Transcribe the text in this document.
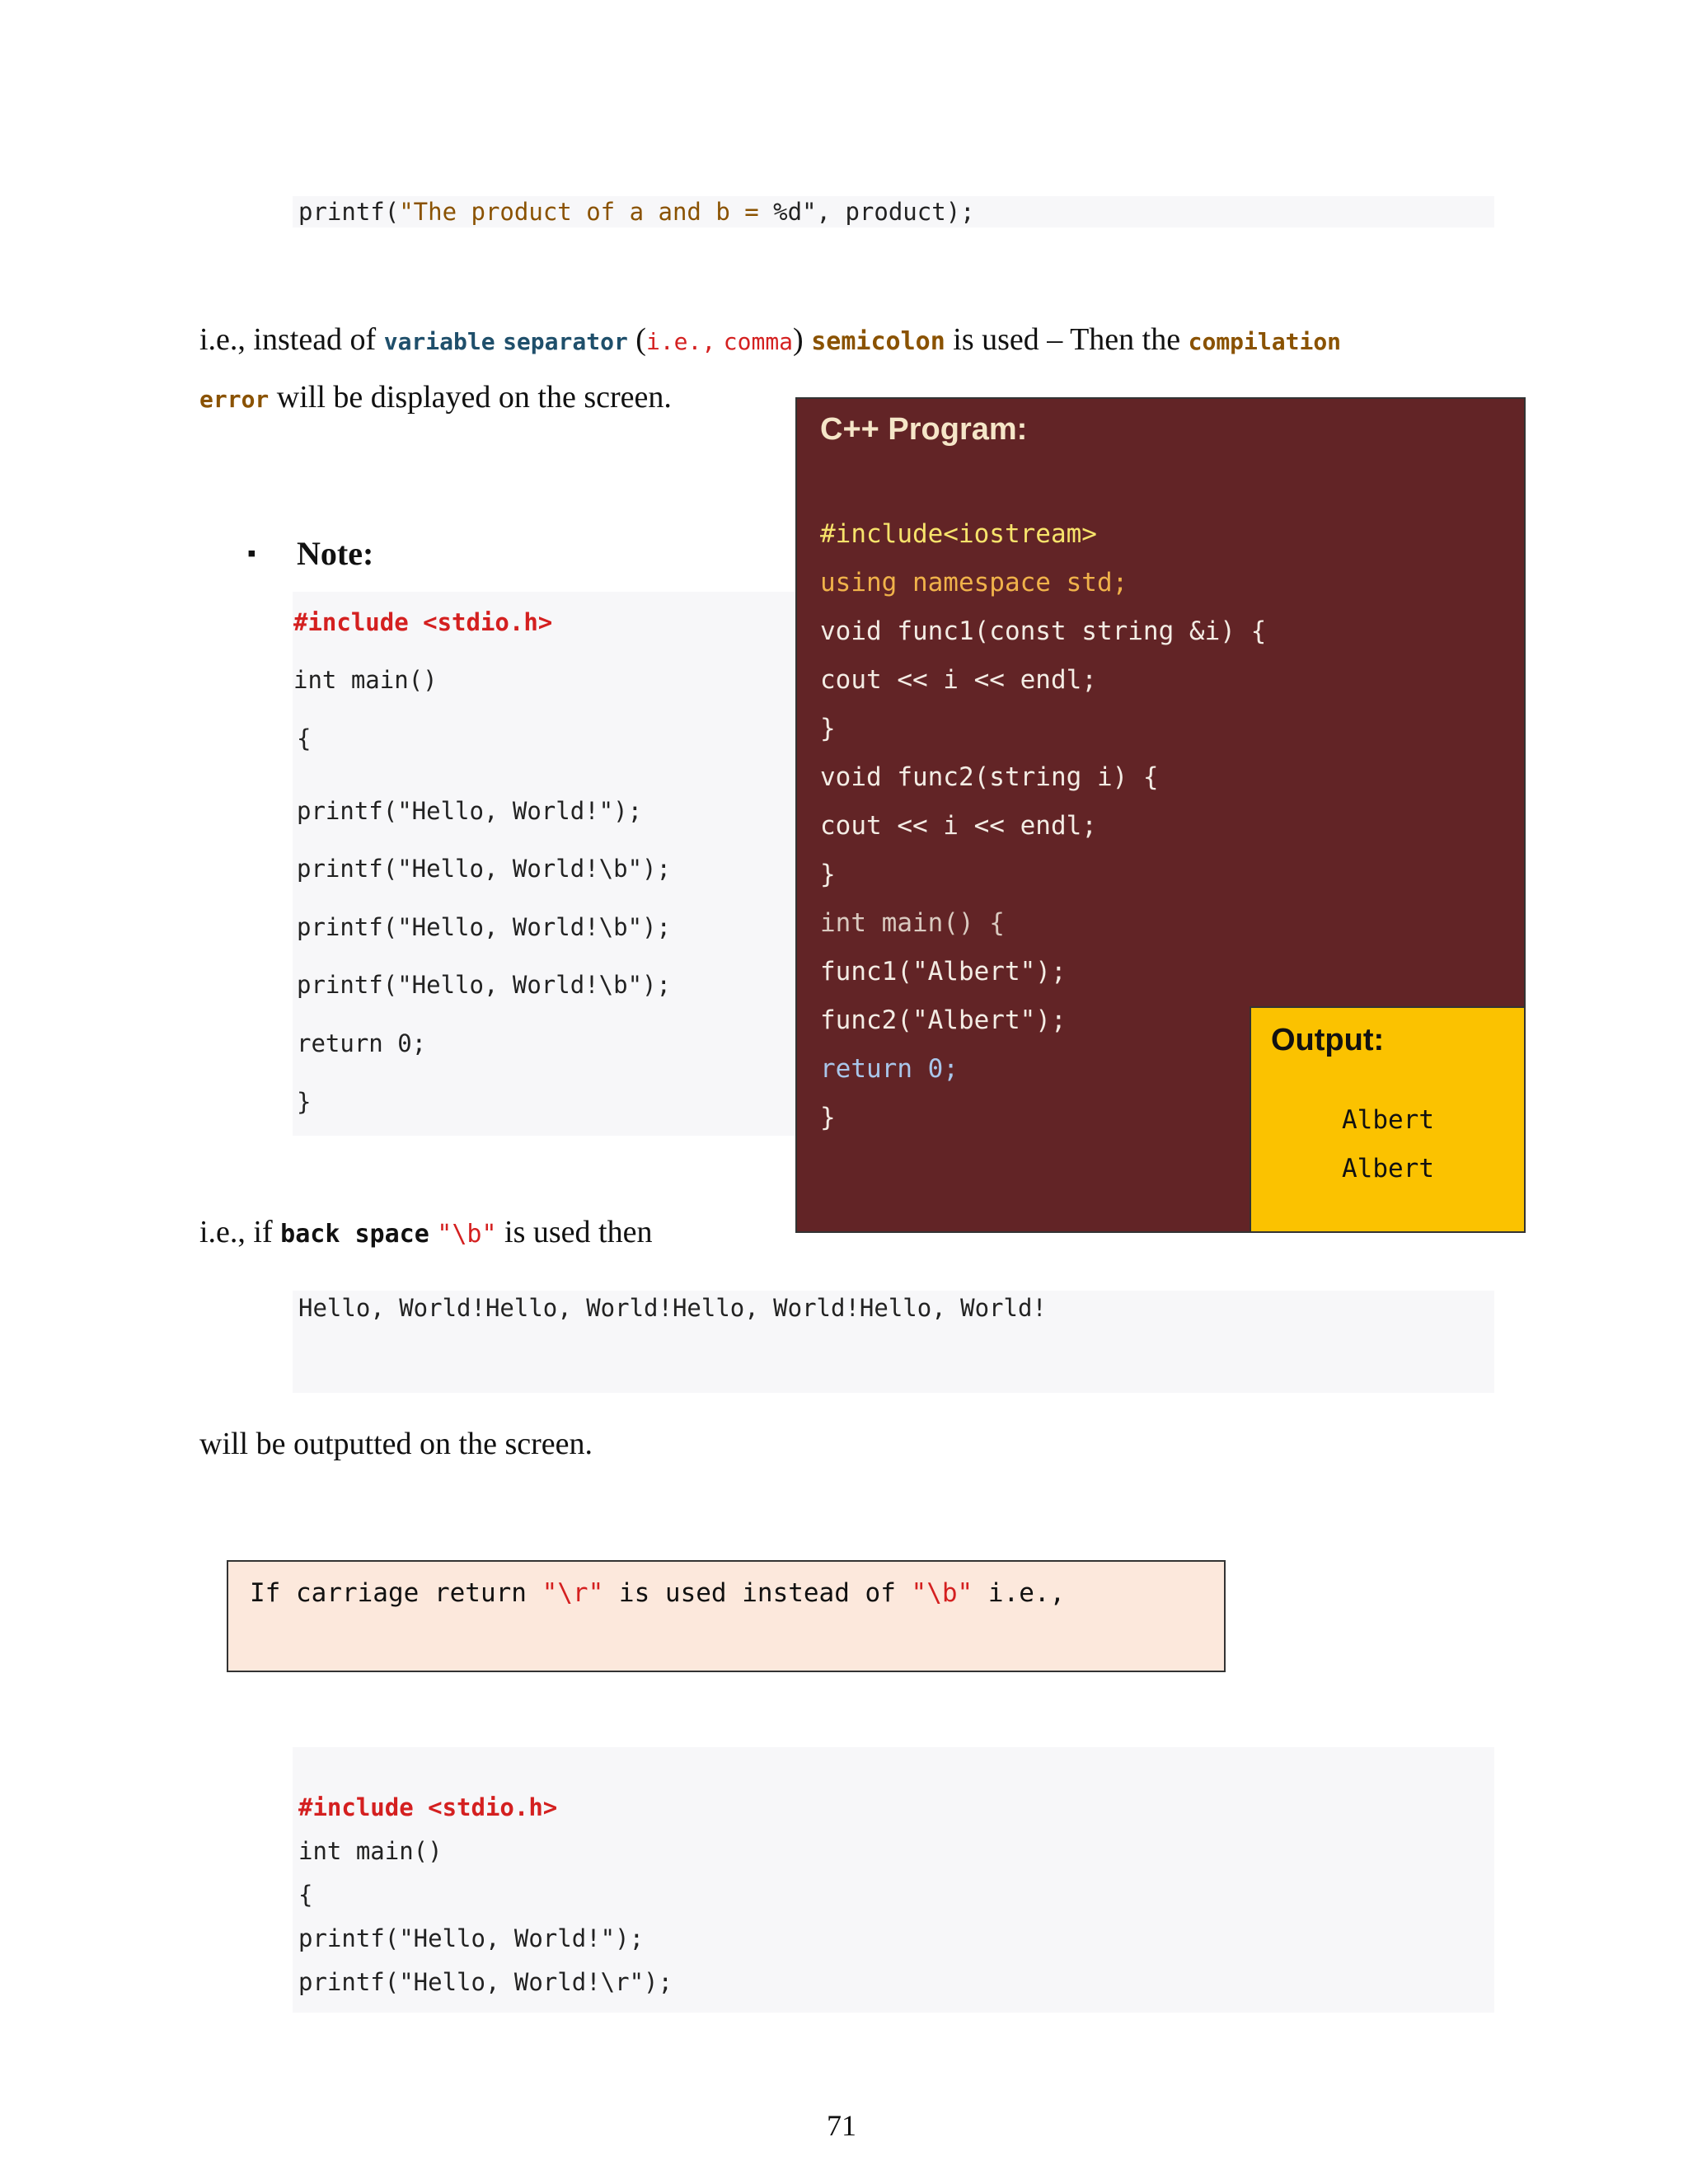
printf("The product of a and b = %d", product);
i.e., instead of variable separator (i.e., comma) semicolon is used – Then the compilation
error will be displayed on the screen.
▪ Note:
#include <stdio.h>
int main()
{
printf("Hello, World!");
printf("Hello, World!\b");
printf("Hello, World!\b");
printf("Hello, World!\b");
return 0;
}
C++ Program:
#include<iostream>
using namespace std;
void func1(const string &i) {
cout << i << endl;
}
void func2(string i) {
cout << i << endl;
}
int main() {
func1("Albert");
func2("Albert");
return 0;
}
Output:
Albert
Albert
i.e., if back space "\b" is used then
Hello, World!Hello, World!Hello, World!Hello, World!
will be outputted on the screen.
If carriage return "\r" is used instead of "\b" i.e.,
#include <stdio.h>
int main()
{
printf("Hello, World!");
printf("Hello, World!\r");
71
